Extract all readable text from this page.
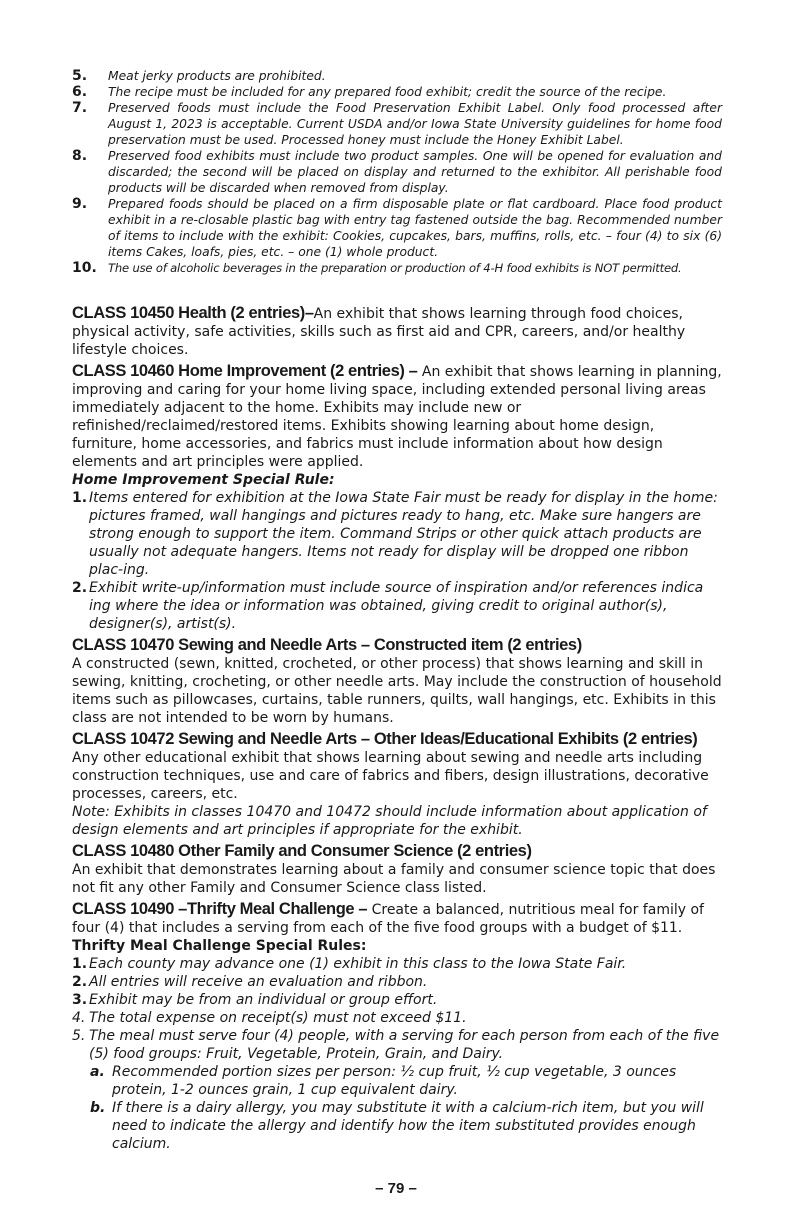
5.	Meat jerky products are prohibited.
6.	The recipe must be included for any prepared food exhibit; credit the source of the recipe.
7.	Preserved foods must include the Food Preservation Exhibit Label. Only food processed after August 1, 2023 is acceptable. Current USDA and/or Iowa State University guidelines for home food preservation must be used. Processed honey must include the Honey Exhibit Label.
8.	Preserved food exhibits must include two product samples. One will be opened for evaluation and discarded; the second will be placed on display and returned to the exhibitor. All perishable food products will be discarded when removed from display.
9.	Prepared foods should be placed on a firm disposable plate or flat cardboard. Place food product exhibit in a re-closable plastic bag with entry tag fastened outside the bag. Recommended number of items to include with the exhibit: Cookies, cupcakes, bars, muffins, rolls, etc. – four (4) to six (6) items Cakes, loafs, pies, etc. – one (1) whole product.
10. The use of alcoholic beverages in the preparation or production of 4-H food exhibits is NOT permitted.

CLASS 10450 Health (2 entries)–An exhibit that shows learning through food choices, physical activity, safe activities, skills such as first aid and CPR, careers, and/or healthy lifestyle choices.

CLASS 10460 Home Improvement (2 entries) – An exhibit that shows learning in planning, improving and caring for your home living space, including extended personal living areas immediately adjacent to the home. Exhibits may include new or refinished/reclaimed/restored items. Exhibits showing learning about home design, furniture, home accessories, and fabrics must include information about how design elements and art principles were applied.

Home Improvement Special Rule:

1. Items entered for exhibition at the Iowa State Fair must be ready for display in the home: pictures framed, wall hangings and pictures ready to hang, etc. Make sure hangers are strong enough to support the item. Command Strips or other quick attach products are usually not adequate hangers. Items not ready for display will be dropped one ribbon plac-ing.
2. Exhibit write-up/information must include source of inspiration and/or references indica ing where the idea or information was obtained, giving credit to original author(s), designer(s), artist(s).

CLASS 10470 Sewing and Needle Arts – Constructed item (2 entries)

A constructed (sewn, knitted, crocheted, or other process) that shows learning and skill in sewing, knitting, crocheting, or other needle arts. May include the construction of household items such as pillowcases, curtains, table runners, quilts, wall hangings, etc. Exhibits in this class are not intended to be worn by humans.

CLASS 10472 Sewing and Needle Arts – Other Ideas/Educational Exhibits (2 entries)

Any other educational exhibit that shows learning about sewing and needle arts including construction techniques, use and care of fabrics and fibers, design illustrations, decorative processes, careers, etc.

Note: Exhibits in classes 10470 and 10472 should include information about application of design elements and art principles if appropriate for the exhibit.

CLASS 10480 Other Family and Consumer Science (2 entries)

An exhibit that demonstrates learning about a family and consumer science topic that does not fit any other Family and Consumer Science class listed.

CLASS 10490 –Thrifty Meal Challenge – Create a balanced, nutritious meal for family of four (4) that includes a serving from each of the five food groups with a budget of $11.

Thrifty Meal Challenge Special Rules:

1. Each county may advance one (1) exhibit in this class to the Iowa State Fair.
2. All entries will receive an evaluation and ribbon.
3. Exhibit may be from an individual or group effort.
4. The total expense on receipt(s) must not exceed $11.
5. The meal must serve four (4) people, with a serving for each person from each of the five (5) food groups: Fruit, Vegetable, Protein, Grain, and Dairy.
a. Recommended portion sizes per person: ½ cup fruit, ½ cup vegetable, 3 ounces protein, 1-2 ounces grain, 1 cup equivalent dairy.
b. If there is a dairy allergy, you may substitute it with a calcium-rich item, but you will need to indicate the allergy and identify how the item substituted provides enough calcium.
– 79 –
